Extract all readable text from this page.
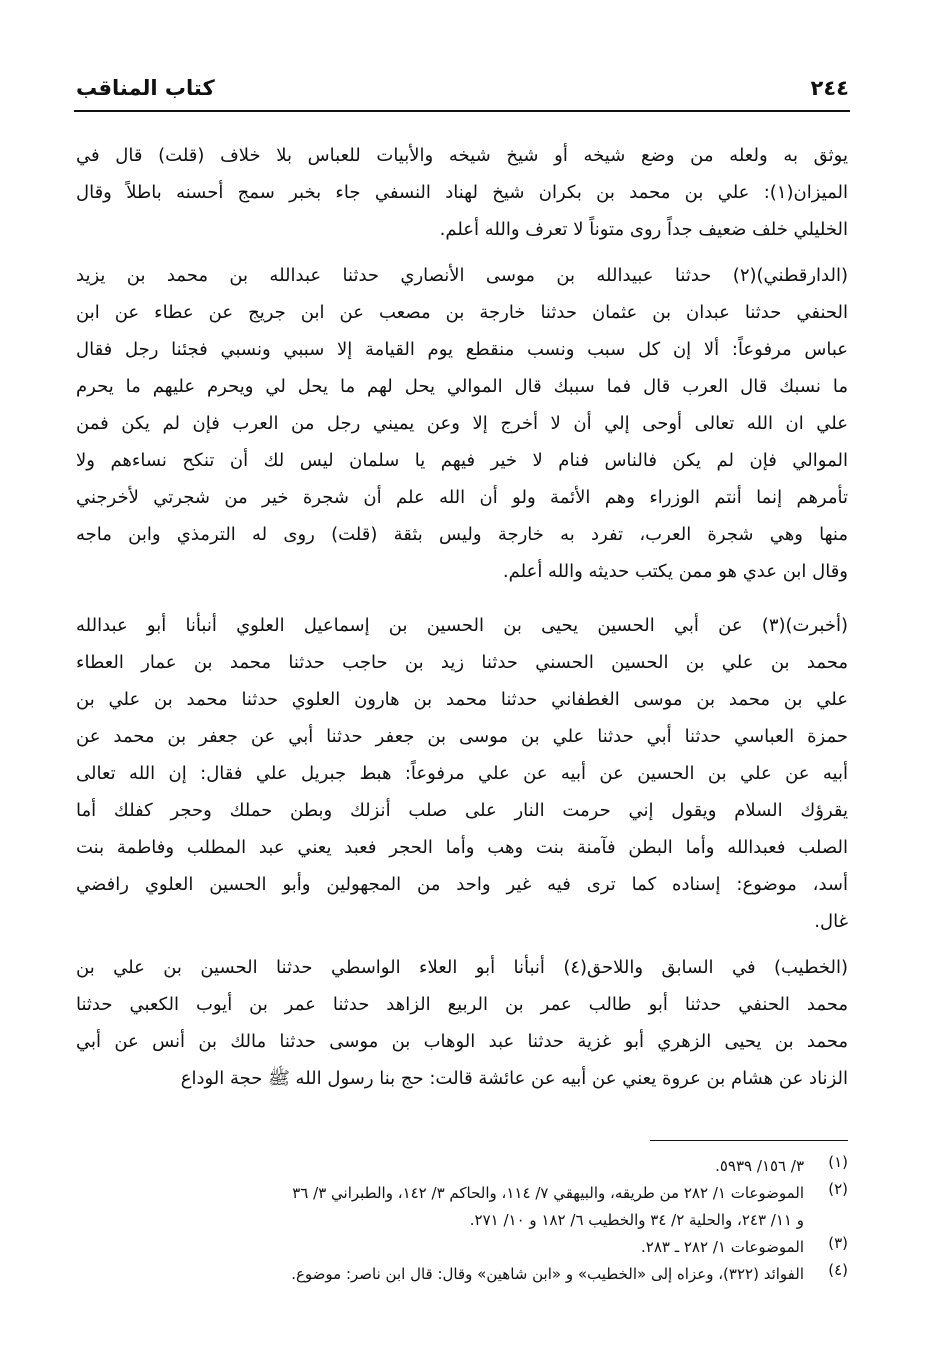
٢٤٤
كتاب المناقب
يوثق به ولعله من وضع شيخه أو شيخ شيخه والأبيات للعباس بلا خلاف (قلت) قال في
الميزان(١): علي بن محمد بن بكران شيخ لهناد النسفي جاء بخبر سمج أحسنه باطلاً وقال
الخليلي خلف ضعيف جداً روى متوناً لا تعرف والله أعلم.
(الدارقطني)(٢) حدثنا عبيدالله بن موسى الأنصاري حدثنا عبدالله بن محمد بن يزيد
الحنفي حدثنا عبدان بن عثمان حدثنا خارجة بن مصعب عن ابن جريج عن عطاء عن ابن
عباس مرفوعاً: ألا إن كل سبب ونسب منقطع يوم القيامة إلا سببي ونسبي فجئنا رجل فقال
ما نسبك قال العرب قال فما سببك قال الموالي يحل لهم ما يحل لي ويحرم عليهم ما يحرم
علي ان الله تعالى أوحى إلي أن لا أخرج إلا وعن يميني رجل من العرب فإن لم يكن فمن
الموالي فإن لم يكن فالناس فنام لا خير فيهم يا سلمان ليس لك أن تنكح نساءهم ولا
تأمرهم إنما أنتم الوزراء وهم الأئمة ولو أن الله علم أن شجرة خير من شجرتي لأخرجني
منها وهي شجرة العرب، تفرد به خارجة وليس بثقة (قلت) روى له الترمذي وابن ماجه
وقال ابن عدي هو ممن يكتب حديثه والله أعلم.
(أخبرت)(٣) عن أبي الحسين يحيى بن الحسين بن إسماعيل العلوي أنبأنا أبو عبدالله
محمد بن علي بن الحسين الحسني حدثنا زيد بن حاجب حدثنا محمد بن عمار العطاء
علي بن محمد بن موسى الغطفاني حدثنا محمد بن هارون العلوي حدثنا محمد بن علي بن
حمزة العباسي حدثنا أبي حدثنا علي بن موسى بن جعفر حدثنا أبي عن جعفر بن محمد عن
أبيه عن علي بن الحسين عن أبيه عن علي مرفوعاً: هبط جبريل علي فقال: إن الله تعالى
يقرؤك السلام ويقول إني حرمت النار على صلب أنزلك وبطن حملك وحجر كفلك أما
الصلب فعبدالله وأما البطن فآمنة بنت وهب وأما الحجر فعبد يعني عبد المطلب وفاطمة بنت
أسد، موضوع: إسناده كما ترى فيه غير واحد من المجهولين وأبو الحسين العلوي رافضي
غال.
(الخطيب) في السابق واللاحق(٤) أنبأنا أبو العلاء الواسطي حدثنا الحسين بن علي بن
محمد الحنفي حدثنا أبو طالب عمر بن الربيع الزاهد حدثنا عمر بن أيوب الكعبي حدثنا
محمد بن يحيى الزهري أبو غزية حدثنا عبد الوهاب بن موسى حدثنا مالك بن أنس عن أبي
الزناد عن هشام بن عروة يعني عن أبيه عن عائشة قالت: حج بنا رسول الله ﷺ حجة الوداع
(١)
٣/ ١٥٦/ ٥٩٣٩.
(٢)
الموضوعات ١/ ٢٨٢ من طريقه، والبيهقي ٧/ ١١٤، والحاكم ٣/ ١٤٢، والطبراني ٣/ ٣٦
و ١١/ ٢٤٣، والحلية ٢/ ٣٤ والخطيب ٦/ ١٨٢ و ١٠/ ٢٧١.
(٣)
الموضوعات ١/ ٢٨٢ ـ ٢٨٣.
(٤)
الفوائد (٣٢٢)، وعزاه إلى «الخطيب» و «ابن شاهين» وقال: قال ابن ناصر: موضوع.
